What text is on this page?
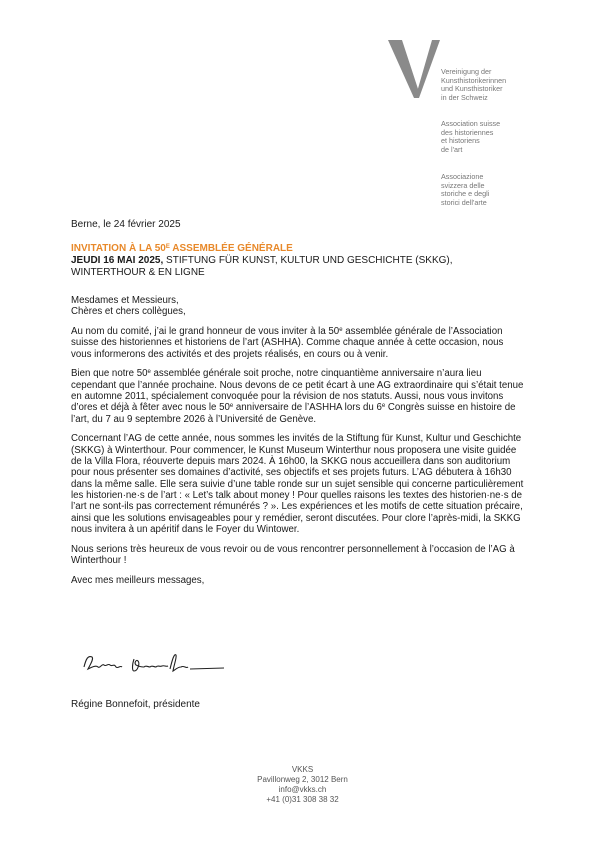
Vereinigung der
Kunsthistorikerinnen
und Kunsthistoriker
in der Schweiz
Association suisse
des historiennes
et historiens
de l'art
Associazione
svizzera delle
storiche e degli
storici dell'arte
Berne, le 24 février 2025
INVITATION À LA $50^E$ ASSEMBLÉE GÉNÉRALE
JEUDI 16 MAI 2025, STIFTUNG FÜR KUNST, KULTUR UND GESCHICHTE (SKKG), WINTERTHOUR & EN LIGNE
Mesdames et Messieurs,
Chères et chers collègues,

Au nom du comité, j’ai le grand honneur de vous inviter à la 50e assemblée générale de l’Association suisse des historiennes et historiens de l’art (ASHHA). Comme chaque année à cette occasion, nous vous informerons des activités et des projets réalisés, en cours ou à venir.

Bien que notre 50e assemblée générale soit proche, notre cinquantième anniversaire n’aura lieu cependant que l’année prochaine. Nous devons de ce petit écart à une AG extraordinaire qui s’était tenue en automne 2011, spécialement convoquée pour la révision de nos statuts. Aussi, nous vous invitons d’ores et déjà à fêter avec nous le 50e anniversaire de l’ASHHA lors du 6e Congrès suisse en histoire de l’art, du 7 au 9 septembre 2026 à l’Université de Genève.

Concernant l’AG de cette année, nous sommes les invités de la Stiftung für Kunst, Kultur und Geschichte (SKKG) à Winterthour. Pour commencer, le Kunst Museum Winterthur nous proposera une visite guidée de la Villa Flora, réouverte depuis mars 2024. À 16h00, la SKKG nous accueillera dans son auditorium pour nous présenter ses domaines d’activité, ses objectifs et ses projets futurs. L’AG débutera à 16h30 dans la même salle. Elle sera suivie d’une table ronde sur un sujet sensible qui concerne particulièrement les historien·ne·s de l’art : « Let’s talk about money ! Pour quelles raisons les textes des historien·ne·s de l’art ne sont-ils pas correctement rémunérés ? ». Les expériences et les motifs de cette situation précaire, ainsi que les solutions envisageables pour y remédier, seront discutées. Pour clore l’après-midi, la SKKG nous invitera à un apéritif dans le Foyer du Wintower.

Nous serions très heureux de vous revoir ou de vous rencontrer personnellement à l’occasion de l’AG à Winterthour !

Avec mes meilleurs messages,

Régine Bonnefoit, présidente
VKKS
Pavillonweg 2, 3012 Bern
info@vkks.ch
+41 (0)31 308 38 32
